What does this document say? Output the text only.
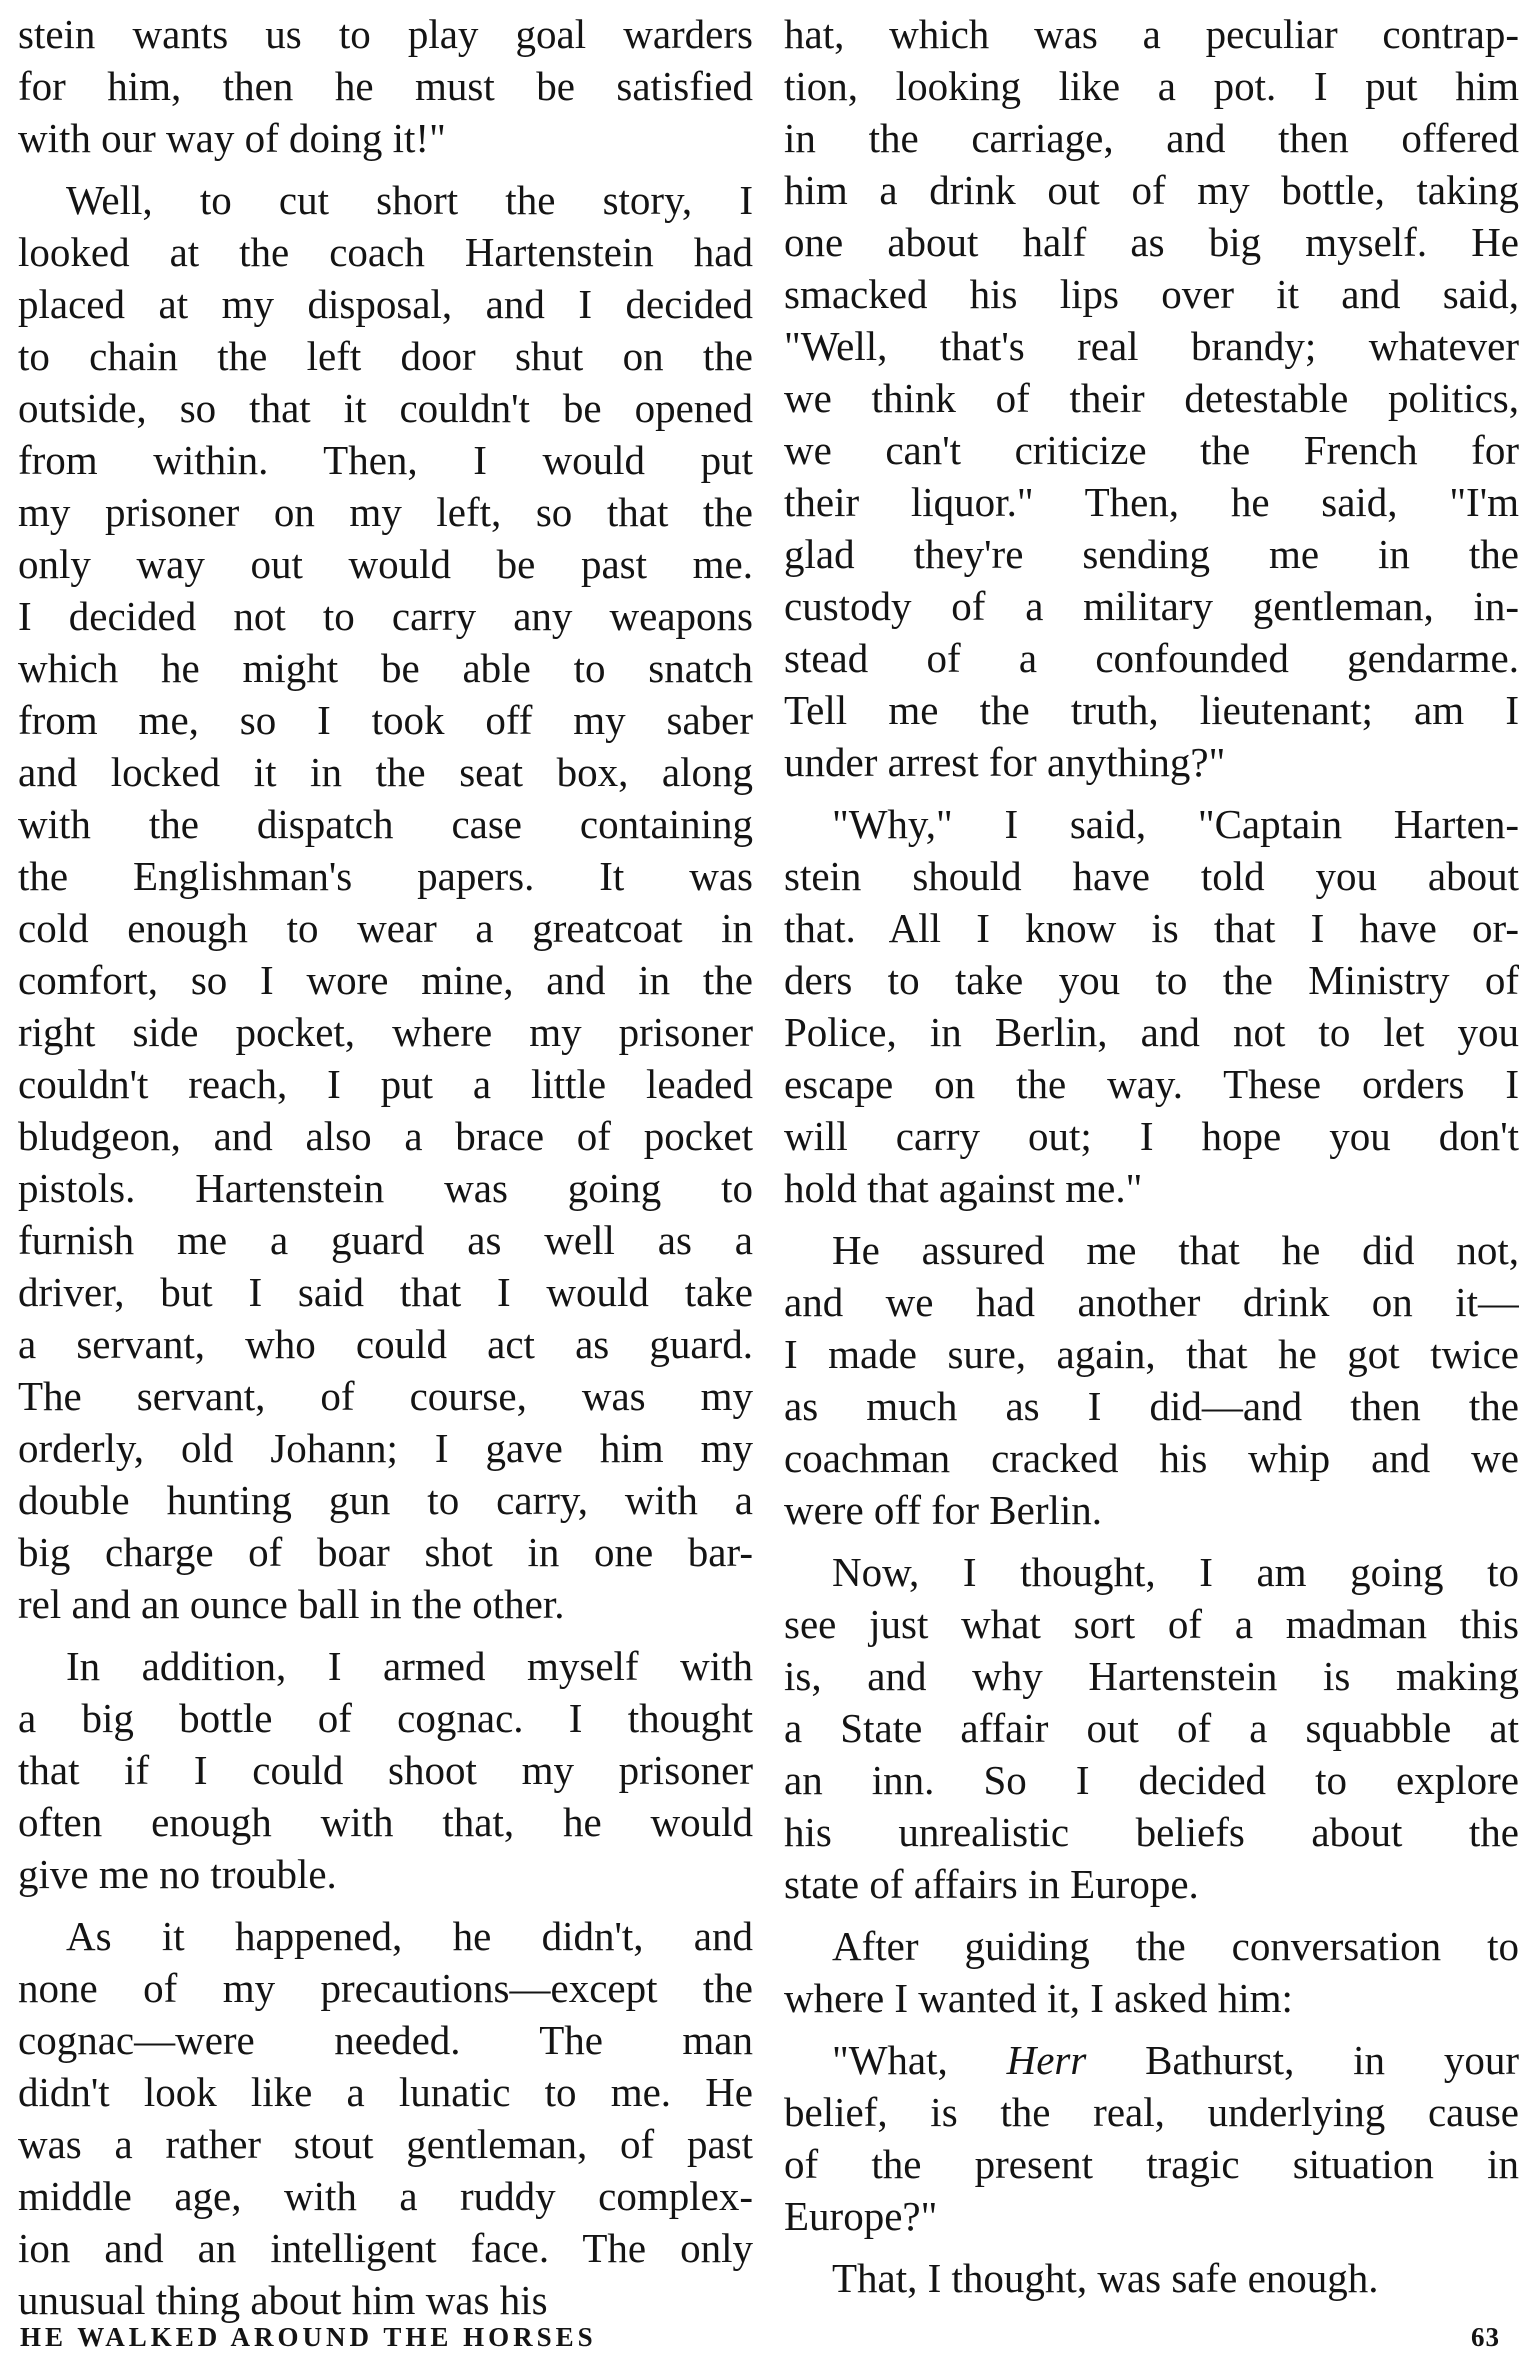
stein wants us to play goal warders
for him, then he must be satisfied
with our way of doing it!"
Well, to cut short the story, I
looked at the coach Hartenstein had
placed at my disposal, and I decided
to chain the left door shut on the
outside, so that it couldn't be opened
from within. Then, I would put
my prisoner on my left, so that the
only way out would be past me.
I decided not to carry any weapons
which he might be able to snatch
from me, so I took off my saber
and locked it in the seat box, along
with the dispatch case containing
the Englishman's papers. It was
cold enough to wear a greatcoat in
comfort, so I wore mine, and in the
right side pocket, where my prisoner
couldn't reach, I put a little leaded
bludgeon, and also a brace of pocket
pistols. Hartenstein was going to
furnish me a guard as well as a
driver, but I said that I would take
a servant, who could act as guard.
The servant, of course, was my
orderly, old Johann; I gave him my
double hunting gun to carry, with a
big charge of boar shot in one bar-
rel and an ounce ball in the other.
In addition, I armed myself with
a big bottle of cognac. I thought
that if I could shoot my prisoner
often enough with that, he would
give me no trouble.
As it happened, he didn't, and
none of my precautions—except the
cognac—were needed. The man
didn't look like a lunatic to me. He
was a rather stout gentleman, of past
middle age, with a ruddy complex-
ion and an intelligent face. The only
unusual thing about him was his
hat, which was a peculiar contrap-
tion, looking like a pot. I put him
in the carriage, and then offered
him a drink out of my bottle, taking
one about half as big myself. He
smacked his lips over it and said,
"Well, that's real brandy; whatever
we think of their detestable politics,
we can't criticize the French for
their liquor." Then, he said, "I'm
glad they're sending me in the
custody of a military gentleman, in-
stead of a confounded gendarme.
Tell me the truth, lieutenant; am I
under arrest for anything?"
"Why," I said, "Captain Harten-
stein should have told you about
that. All I know is that I have or-
ders to take you to the Ministry of
Police, in Berlin, and not to let you
escape on the way. These orders I
will carry out; I hope you don't
hold that against me."
He assured me that he did not,
and we had another drink on it—
I made sure, again, that he got twice
as much as I did—and then the
coachman cracked his whip and we
were off for Berlin.
Now, I thought, I am going to
see just what sort of a madman this
is, and why Hartenstein is making
a State affair out of a squabble at
an inn. So I decided to explore
his unrealistic beliefs about the
state of affairs in Europe.
After guiding the conversation to
where I wanted it, I asked him:
"What, Herr Bathurst, in your
belief, is the real, underlying cause
of the present tragic situation in
Europe?"
That, I thought, was safe enough.
HE WALKED AROUND THE HORSES	63
